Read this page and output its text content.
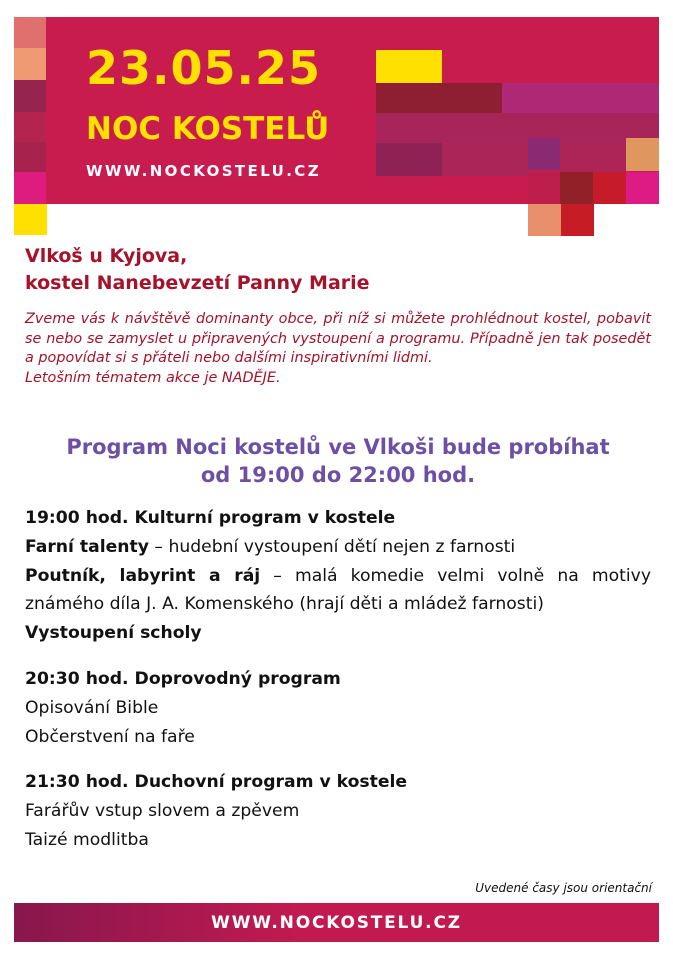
23.05.25
NOC KOSTELŮ
WWW.NOCKOSTELU.CZ
Vlkoš u Kyjova,
kostel Nanebevzetí Panny Marie

Zveme vás k návštěvě dominanty obce, při níž si můžete prohlédnout kostel, pobavit se nebo se zamyslet u připravených vystoupení a programu. Případně jen tak posedět a popovídat si s přáteli nebo dalšími inspirativními lidmi.

Letošním tématem akce je NADĚJE.

Program Noci kostelů ve Vlkoši bude probíhat
od 19:00 do 22:00 hod.

19:00 hod. Kulturní program v kostele

Farní talenty – hudební vystoupení dětí nejen z farnosti

Poutník, labyrint a ráj – malá komedie velmi volně na motivy známého díla J. A. Komenského (hrají děti a mládež farnosti)

Vystoupení scholy

20:30 hod. Doprovodný program

Opisování Bible

Občerstvení na faře

21:30 hod. Duchovní program v kostele

Farářův vstup slovem a zpěvem

Taizé modlitba

Uvedené časy jsou orientační
WWW.NOCKOSTELU.CZ
